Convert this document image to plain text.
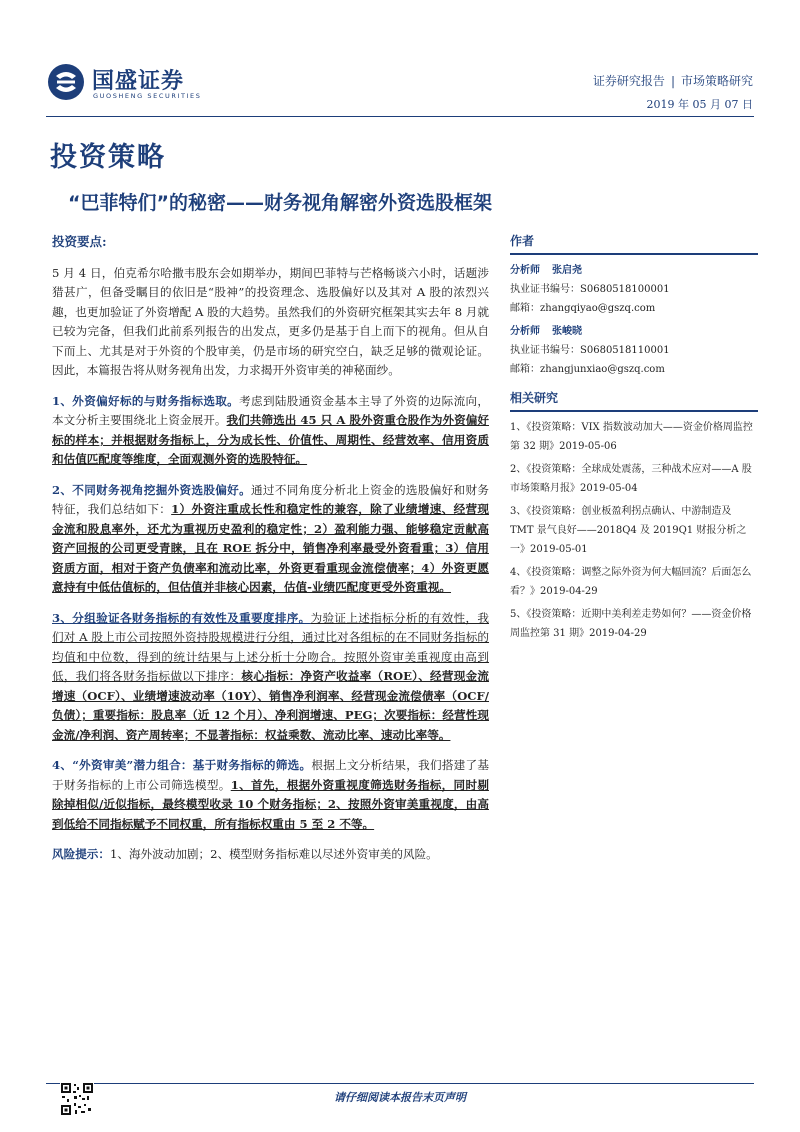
国盛证券
GUOSHENG SECURITIES
证券研究报告 | 市场策略研究
2019 年 05 月 07 日
投资策略
“巴菲特们”的秘密——财务视角解密外资选股框架

投资要点:

5 月 4 日，伯克希尔哈撒韦股东会如期举办，期间巴菲特与芒格畅谈六小时，话题涉猎甚广，但备受瞩目的依旧是“股神”的投资理念、选股偏好以及其对 A 股的浓烈兴趣，也更加验证了外资增配 A 股的大趋势。虽然我们的外资研究框架其实去年 8 月就已较为完备，但我们此前系列报告的出发点，更多仍是基于自上而下的视角。但从自下而上、尤其是对于外资的个股审美，仍是市场的研究空白，缺乏足够的微观论证。因此，本篇报告将从财务视角出发，力求揭开外资审美的神秘面纱。

1、外资偏好标的与财务指标选取。考虑到陆股通资金基本主导了外资的边际流向，本文分析主要围绕北上资金展开。我们共筛选出 45 只 A 股外资重仓股作为外资偏好标的样本；并根据财务指标上，分为成长性、价值性、周期性、经营效率、信用资质和估值匹配度等维度，全面观测外资的选股特征。

2、不同财务视角挖掘外资选股偏好。通过不同角度分析北上资金的选股偏好和财务特征，我们总结如下：1）外资注重成长性和稳定性的兼容，除了业绩增速、经营现金流和股息率外，还尤为重视历史盈利的稳定性；2）盈利能力强、能够稳定贡献高资产回报的公司更受青睐，且在 ROE 拆分中，销售净利率最受外资看重；3）信用资质方面，相对于资产负债率和流动比率，外资更看重现金流偿债率；4）外资更愿意持有中低估值标的，但估值并非核心因素，估值-业绩匹配度更受外资重视。

3、分组验证各财务指标的有效性及重要度排序。为验证上述指标分析的有效性，我们对 A 股上市公司按照外资持股规模进行分组，通过比对各组标的在不同财务指标的均值和中位数，得到的统计结果与上述分析十分吻合。按照外资审美重视度由高到低，我们将各财务指标做以下排序：核心指标：净资产收益率（ROE）、经营现金流增速（OCF）、业绩增速波动率（10Y）、销售净利润率、经营现金流偿债率（OCF/负债）；重要指标：股息率（近 12 个月）、净利润增速、PEG；次要指标：经营性现金流/净利润、资产周转率；不显著指标：权益乘数、流动比率、速动比率等。

4、“外资审美”潜力组合：基于财务指标的筛选。根据上文分析结果，我们搭建了基于财务指标的上市公司筛选模型。1、首先，根据外资重视度筛选财务指标，同时剔除掉相似/近似指标，最终模型收录 10 个财务指标；2、按照外资审美重视度，由高到低给不同指标赋予不同权重，所有指标权重由 5 至 2 不等。

风险提示：1、海外波动加剧；2、模型财务指标难以尽述外资审美的风险。

作者
分析师 张启尧
执业证书编号：S0680518100001
邮箱：zhangqiyao@gszq.com
分析师 张峻晓
执业证书编号：S0680518110001
邮箱：zhangjunxiao@gszq.com
相关研究
1、《投资策略：VIX 指数波动加大——资金价格周监控第 32 期》2019-05-06
2、《投资策略：全球成处震荡，三种战术应对——A 股市场策略月报》2019-05-04
3、《投资策略：创业板盈利拐点确认、中游制造及 TMT 景气良好——2018Q4 及 2019Q1 财报分析之一》2019-05-01
4、《投资策略：调整之际外资为何大幅回流？后面怎么看？》2019-04-29
5、《投资策略：近期中美利差走势如何？——资金价格周监控第 31 期》2019-04-29
请仔细阅读本报告末页声明
